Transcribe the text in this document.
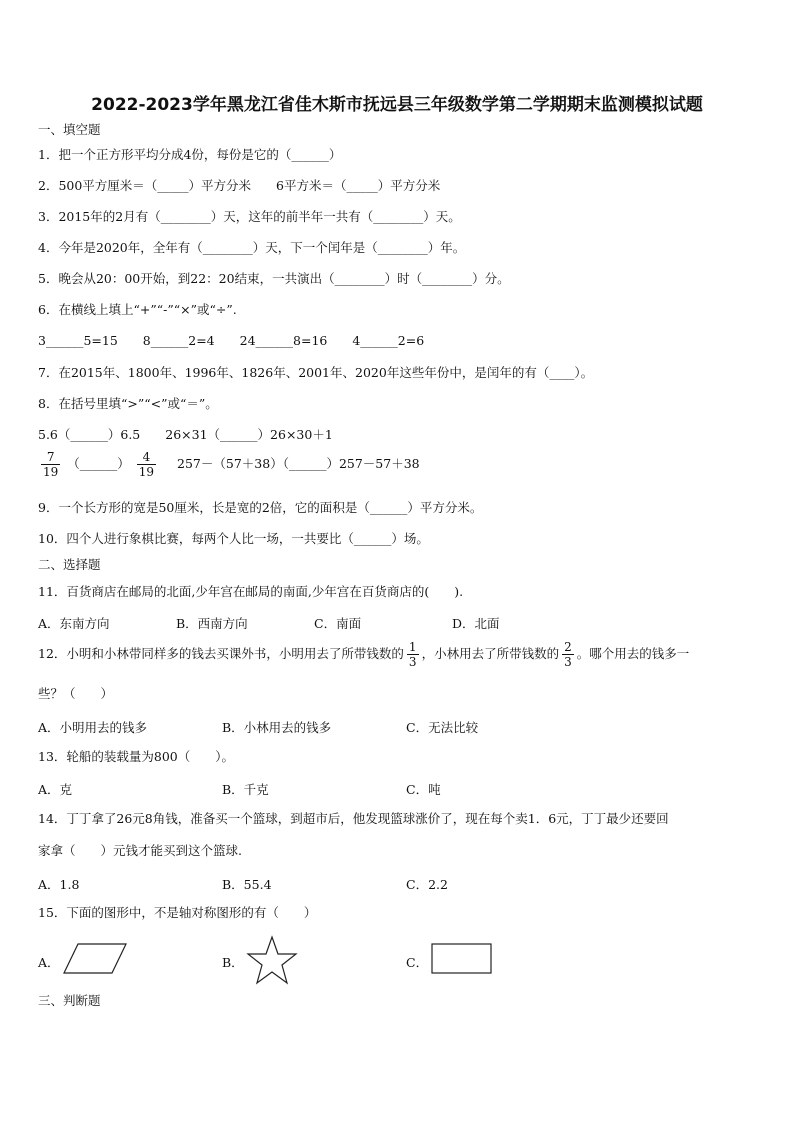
2022-2023学年黑龙江省佳木斯市抚远县三年级数学第二学期期末监测模拟试题
一、填空题
1．把一个正方形平均分成4份，每份是它的（______）
2．500平方厘米＝（_____）平方分米　　6平方米＝（_____）平方分米
3．2015年的2月有（________）天，这年的前半年一共有（________）天。
4．今年是2020年，全年有（________）天，下一个闰年是（________）年。
5．晚会从20：00开始，到22：20结束，一共演出（________）时（________）分。
6．在横线上填上“+”“-”“×”或“÷”.
3______5=15　　8______2=4　　24______8=16　　4______2=6
7．在2015年、1800年、1996年、1826年、2001年、2020年这些年份中，是闰年的有（____）。
8．在括号里填“>”“<”或“＝”。
5.6（______）6.5　　26×31（______）26×30＋1
$\frac{7}{19}$ （______） $\frac{4}{19}$ 257－（57＋38）（______）257－57＋38
9．一个长方形的宽是50厘米，长是宽的2倍，它的面积是（______）平方分米。
10．四个人进行象棋比赛，每两个人比一场，一共要比（______）场。
二、选择题
11．百货商店在邮局的北面,少年宫在邮局的南面,少年宫在百货商店的(　　).
A．东南方向	B．西南方向	C．南面	D．北面
12．小明和小林带同样多的钱去买课外书，小明用去了所带钱数的 $\frac{1}{3}$ ，小林用去了所带钱数的 $\frac{2}{3}$ 。哪个用去的钱多一
些？（　　）
A．小明用去的钱多	B．小林用去的钱多	C．无法比较
13．轮船的装载量为800（　　）。
A．克	B．千克	C．吨
14．丁丁拿了26元8角钱，准备买一个篮球，到超市后，他发现篮球涨价了，现在每个卖1．6元，丁丁最少还要回
家拿（　　）元钱才能买到这个篮球.
A．1.8	B．55.4	C．2.2
15．下面的图形中，不是轴对称图形的有（　　）
A．	B．	C．
三、判断题
